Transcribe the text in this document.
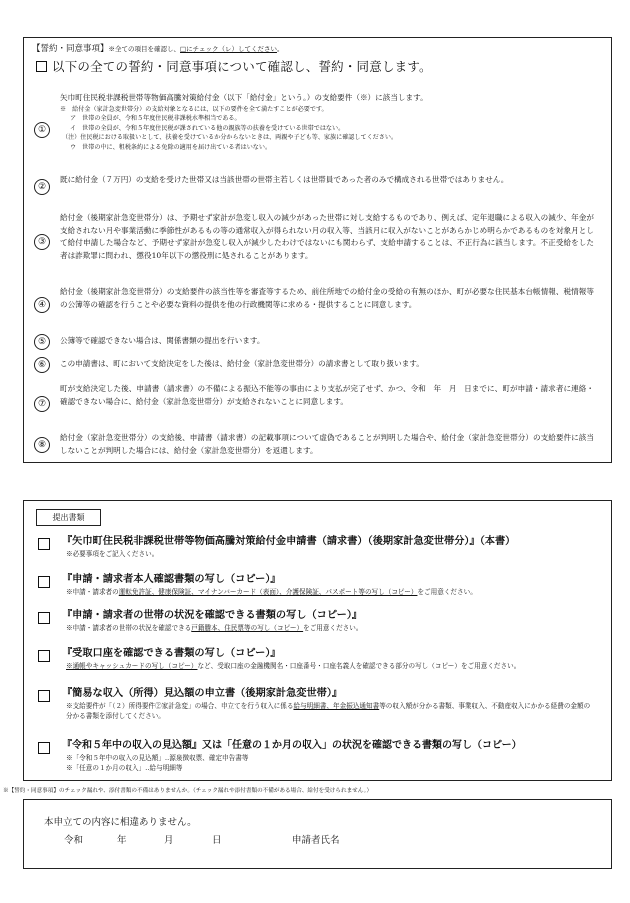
【誓約・同意事項】※全ての項目を確認し、□にチェック（レ）してください。
以下の全ての誓約・同意事項について確認し、誓約・同意します。
①
矢巾町住民税非課税世帯等物価高騰対策給付金（以下「給付金」という。）の支給要件（※）に該当します。
※　給付金（家計急変世帯分）の支給対象となるには、以下の要件を全て満たすことが必要です。
ア　世帯の全員が、令和５年度住民税非課税水準相当である。
イ　世帯の全員が、令和５年度住民税が課されている他の親族等の扶養を受けている世帯ではない。
（注）住民税における取扱いとして、扶養を受けているか分からないときは、両親や子ども等、家族に確認してください。
ウ　世帯の中に、租税条約による免除の適用を届け出ている者はいない。
②
既に給付金（７万円）の支給を受けた世帯又は当該世帯の世帯主若しくは世帯員であった者のみで構成される世帯ではありません。
③
給付金（後期家計急変世帯分）は、予期せず家計が急変し収入の減少があった世帯に対し支給するものであり、例えば、定年退職による収入の減少、年金が支給されない月や事業活動に季節性があるもの等の通常収入が得られない月の収入等、当該月に収入がないことがあらかじめ明らかであるものを対象月として給付申請した場合など、予期せず家計が急変し収入が減少したわけではないにも関わらず、支給申請することは、不正行為に該当します。不正受給をした者は詐欺罪に問われ、懲役10年以下の懲役刑に処されることがあります。
④
給付金（後期家計急変世帯分）の支給要件の該当性等を審査等するため、前住所地での給付金の受給の有無のほか、町が必要な住民基本台帳情報、税情報等の公簿等の確認を行うことや必要な資料の提供を他の行政機関等に求める・提供することに同意します。
⑤	公簿等で確認できない場合は、関係書類の提出を行います。
⑥	この申請書は、町において支給決定をした後は、給付金（家計急変世帯分）の請求書として取り扱います。
⑦
町が支給決定した後、申請書（請求書）の不備による振込不能等の事由により支払が完了せず、かつ、令和　年　月　日までに、町が申請・請求者に連絡・確認できない場合に、給付金（家計急変世帯分）が支給されないことに同意します。
⑧
給付金（家計急変世帯分）の支給後、申請書（請求書）の記載事項について虚偽であることが判明した場合や、給付金（家計急変世帯分）の支給要件に該当しないことが判明した場合には、給付金（家計急変世帯分）を返還します。
提出書類
『矢巾町住民税非課税世帯等物価高騰対策給付金申請書（請求書）（後期家計急変世帯分）』（本書）
※必要事項をご記入ください。
『申請・請求者本人確認書類の写し（コピー）』
※申請・請求者の運転免許証、健康保険証、マイナンバーカード（表面）、介護保険証、パスポート等の写し（コピー）をご用意ください。
『申請・請求者の世帯の状況を確認できる書類の写し（コピー）』
※申請・請求者の世帯の状況を確認できる戸籍謄本、住民票等の写し（コピー）をご用意ください。
『受取口座を確認できる書類の写し（コピー）』
※通帳やキャッシュカードの写し（コピー）など、受取口座の金融機関名・口座番号・口座名義人を確認できる部分の写し（コピー）をご用意ください。
『簡易な収入（所得）見込額の申立書（後期家計急変世帯）』
※支給要件が「（２）所得要件②家計急変」の場合、申立てを行う収入に係る給与明細書、年金振込通知書等の収入額が分かる書類、事業収入、不動産収入にかかる経費の金額の分かる書類を添付してください。
『令和５年中の収入の見込額』又は「任意の１か月の収入」の状況を確認できる書類の写し（コピー）
※「令和５年中の収入の見込額」‥源泉徴収票、確定申告書等
※「任意の１か月の収入」‥給与明細等
※【誓約・同意事項】のチェック漏れや、添付書類の不備はありませんか。（チェック漏れや添付書類の不備がある場合、給付を受けられません。）
本申立ての内容に相違ありません。
令和	年	月	日	申請者氏名
